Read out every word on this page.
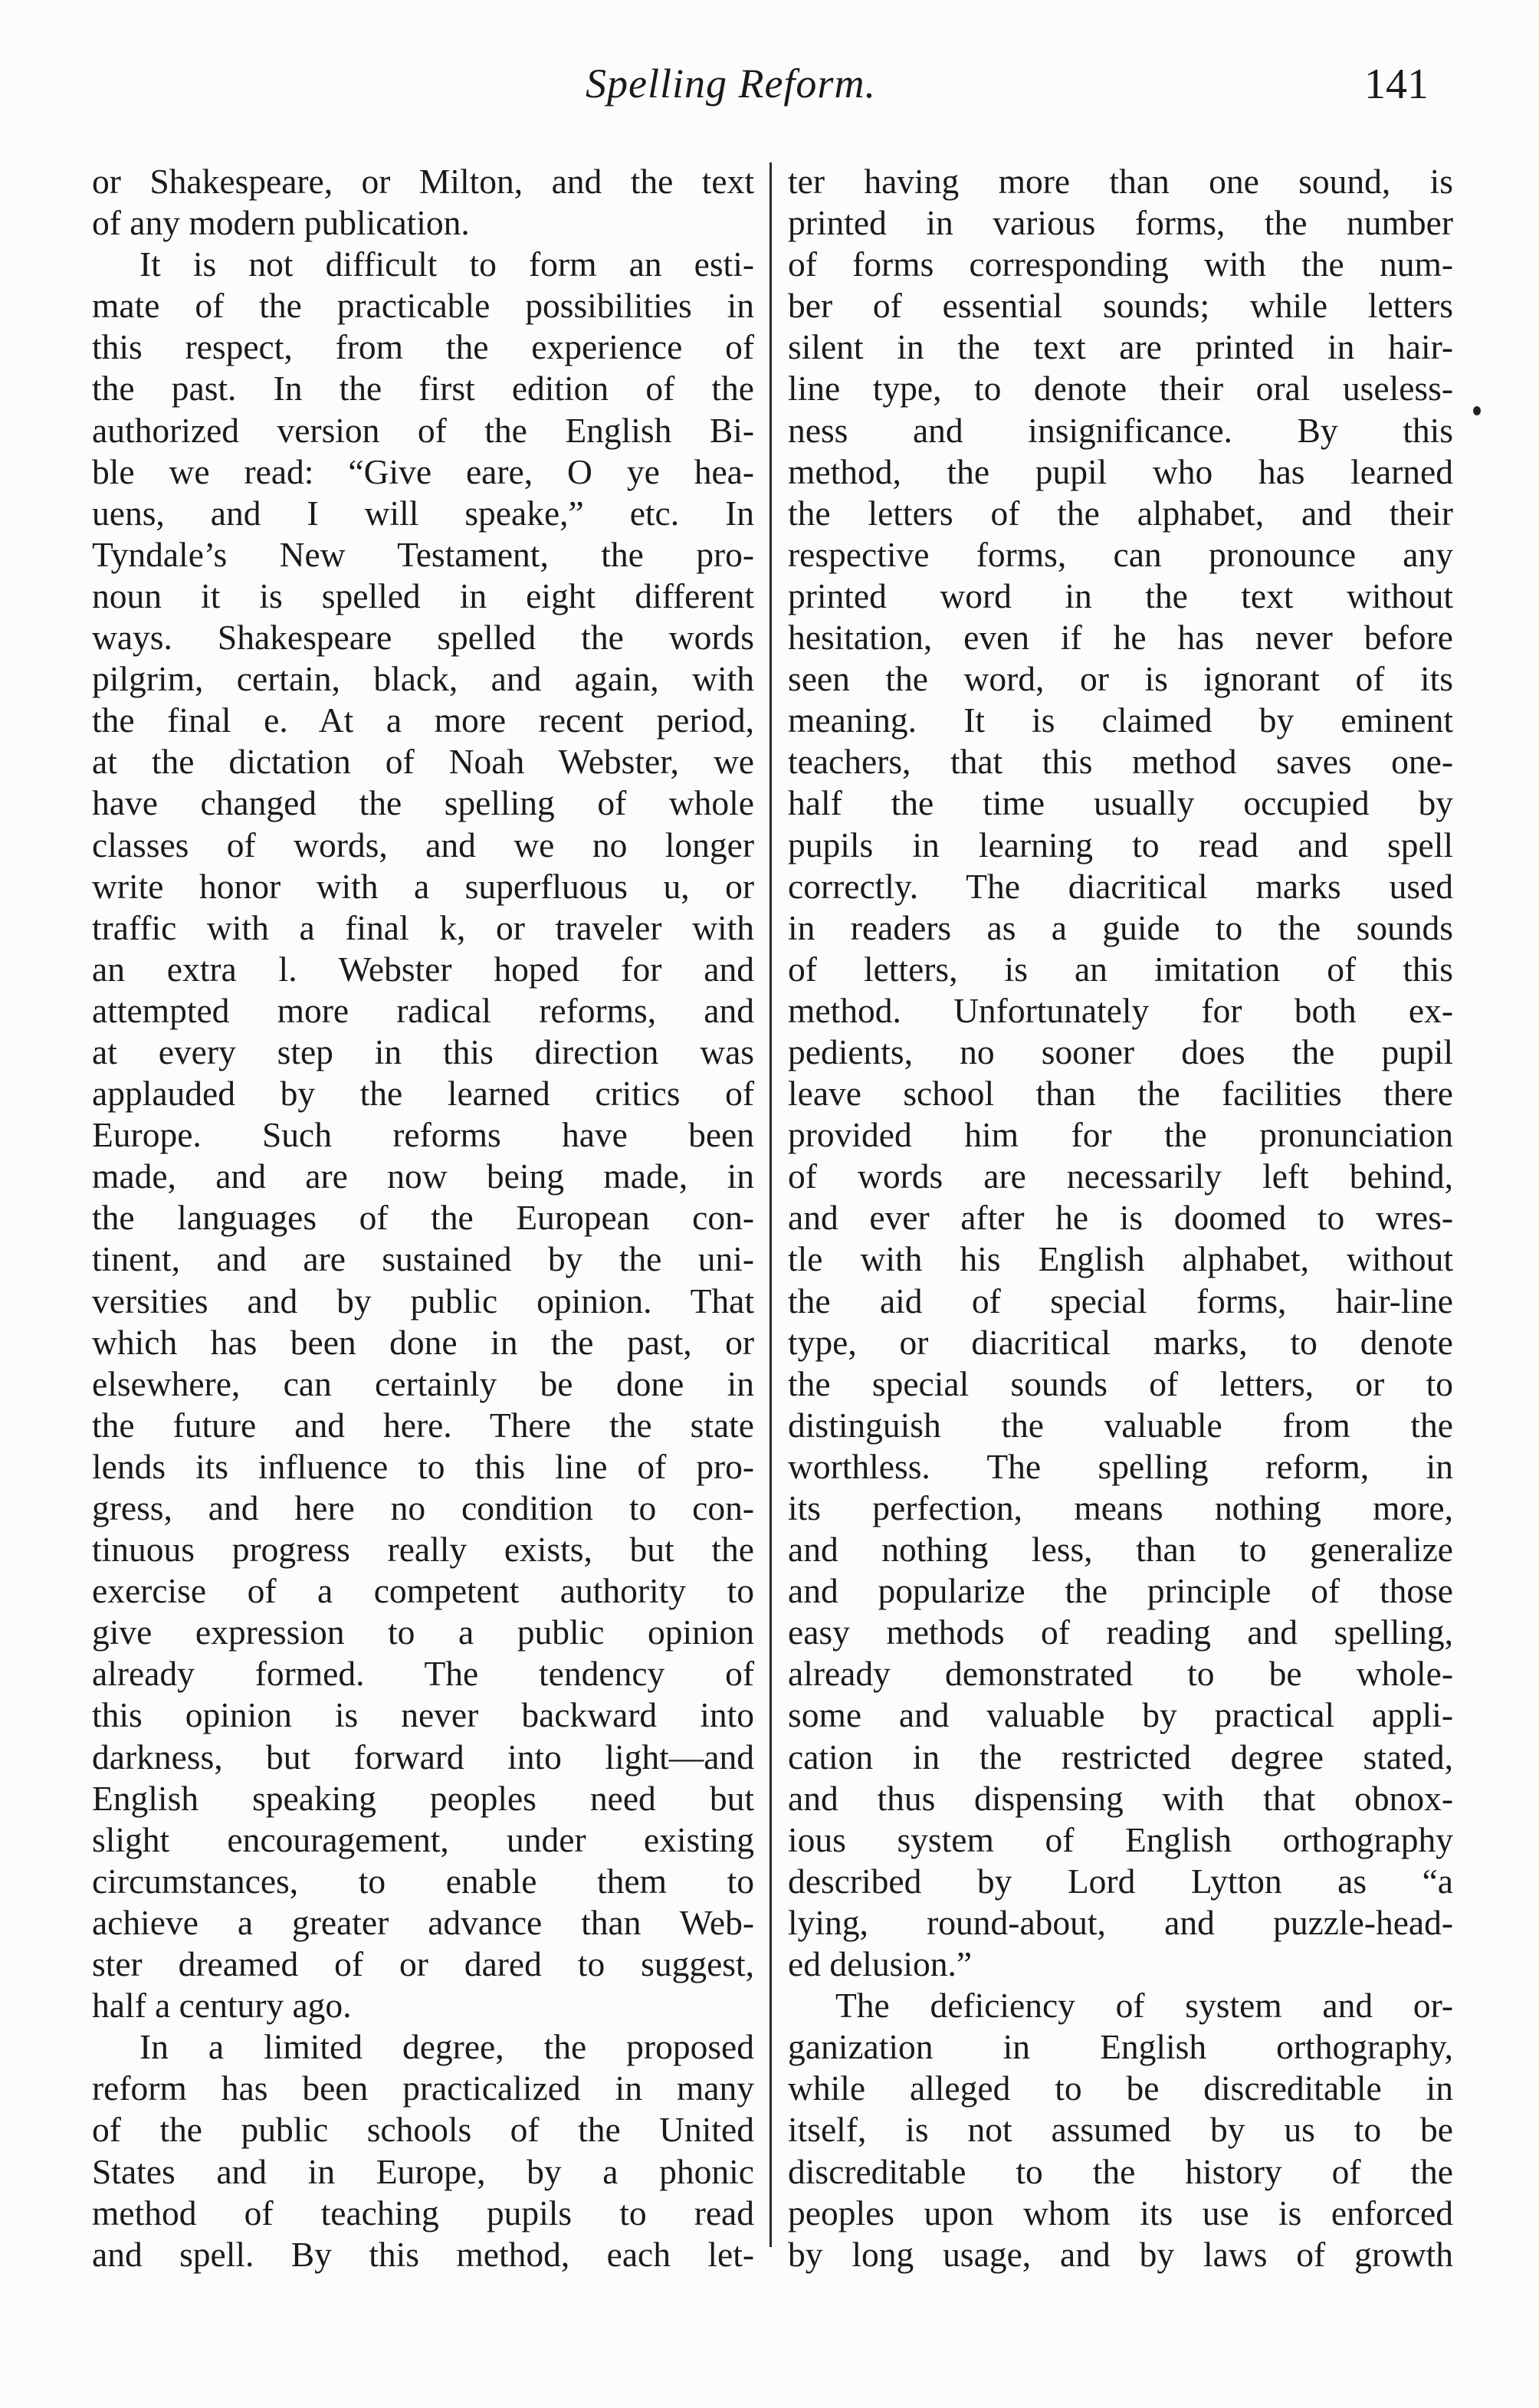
Spelling Reform.	141
or Shakespeare, or Milton, and the text
of any modern publication.
It is not difficult to form an esti-
mate of the practicable possibilities in
this respect, from the experience of
the past. In the first edition of the
authorized version of the English Bi-
ble we read: “Give eare, O ye hea-
uens, and I will speake,” etc. In
Tyndale’s New Testament, the pro-
noun it is spelled in eight different
ways. Shakespeare spelled the words
pilgrim, certain, black, and again, with
the final e. At a more recent period,
at the dictation of Noah Webster, we
have changed the spelling of whole
classes of words, and we no longer
write honor with a superfluous u, or
traffic with a final k, or traveler with
an extra l. Webster hoped for and
attempted more radical reforms, and
at every step in this direction was
applauded by the learned critics of
Europe. Such reforms have been
made, and are now being made, in
the languages of the European con-
tinent, and are sustained by the uni-
versities and by public opinion. That
which has been done in the past, or
elsewhere, can certainly be done in
the future and here. There the state
lends its influence to this line of pro-
gress, and here no condition to con-
tinuous progress really exists, but the
exercise of a competent authority to
give expression to a public opinion
already formed. The tendency of
this opinion is never backward into
darkness, but forward into light—and
English speaking peoples need but
slight encouragement, under existing
circumstances, to enable them to
achieve a greater advance than Web-
ster dreamed of or dared to suggest,
half a century ago.
In a limited degree, the proposed
reform has been practicalized in many
of the public schools of the United
States and in Europe, by a phonic
method of teaching pupils to read
and spell. By this method, each let-
ter having more than one sound, is
printed in various forms, the number
of forms corresponding with the num-
ber of essential sounds; while letters
silent in the text are printed in hair-
line type, to denote their oral useless-
ness and insignificance. By this
method, the pupil who has learned
the letters of the alphabet, and their
respective forms, can pronounce any
printed word in the text without
hesitation, even if he has never before
seen the word, or is ignorant of its
meaning. It is claimed by eminent
teachers, that this method saves one-
half the time usually occupied by
pupils in learning to read and spell
correctly. The diacritical marks used
in readers as a guide to the sounds
of letters, is an imitation of this
method. Unfortunately for both ex-
pedients, no sooner does the pupil
leave school than the facilities there
provided him for the pronunciation
of words are necessarily left behind,
and ever after he is doomed to wres-
tle with his English alphabet, without
the aid of special forms, hair-line
type, or diacritical marks, to denote
the special sounds of letters, or to
distinguish the valuable from the
worthless. The spelling reform, in
its perfection, means nothing more,
and nothing less, than to generalize
and popularize the principle of those
easy methods of reading and spelling,
already demonstrated to be whole-
some and valuable by practical appli-
cation in the restricted degree stated,
and thus dispensing with that obnox-
ious system of English orthography
described by Lord Lytton as “a
lying, round-about, and puzzle-head-
ed delusion.”
The deficiency of system and or-
ganization in English orthography,
while alleged to be discreditable in
itself, is not assumed by us to be
discreditable to the history of the
peoples upon whom its use is enforced
by long usage, and by laws of growth
